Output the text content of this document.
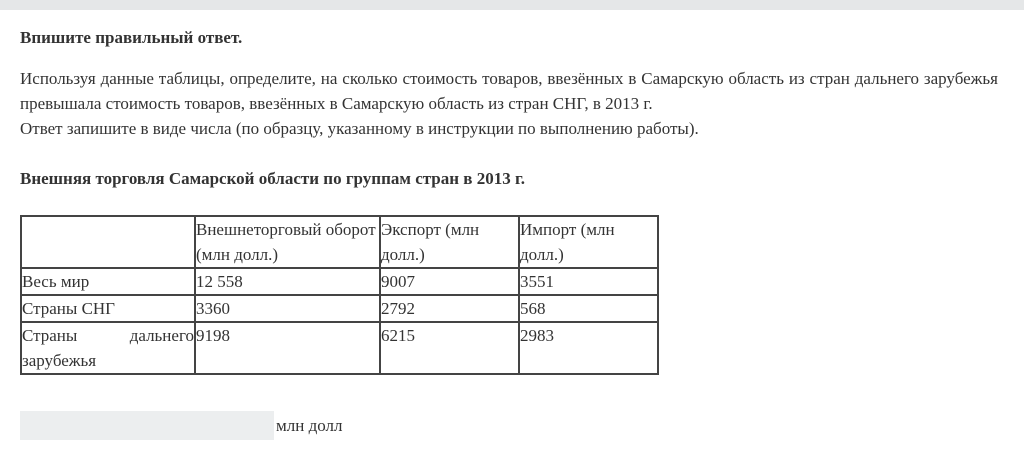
Впишите правильный ответ.

Используя данные таблицы, определите, на сколько стоимость товаров, ввезённых в Самарскую область из стран дальнего зарубежья превышала стоимость товаров, ввезённых в Самарскую область из стран СНГ, в 2013 г.
Ответ запишите в виде числа (по образцу, указанному в инструкции по выполнению работы).

Внешняя торговля Самарской области по группам стран в 2013 г.

	Внешнеторговый оборот (млн долл.)	Экспорт (млн долл.)	Импорт (млн долл.)
Весь мир	12 558	9007	3551
Страны СНГ	3360	2792	568
Страны дальнего зарубежья	9198	6215	2983
млн долл
